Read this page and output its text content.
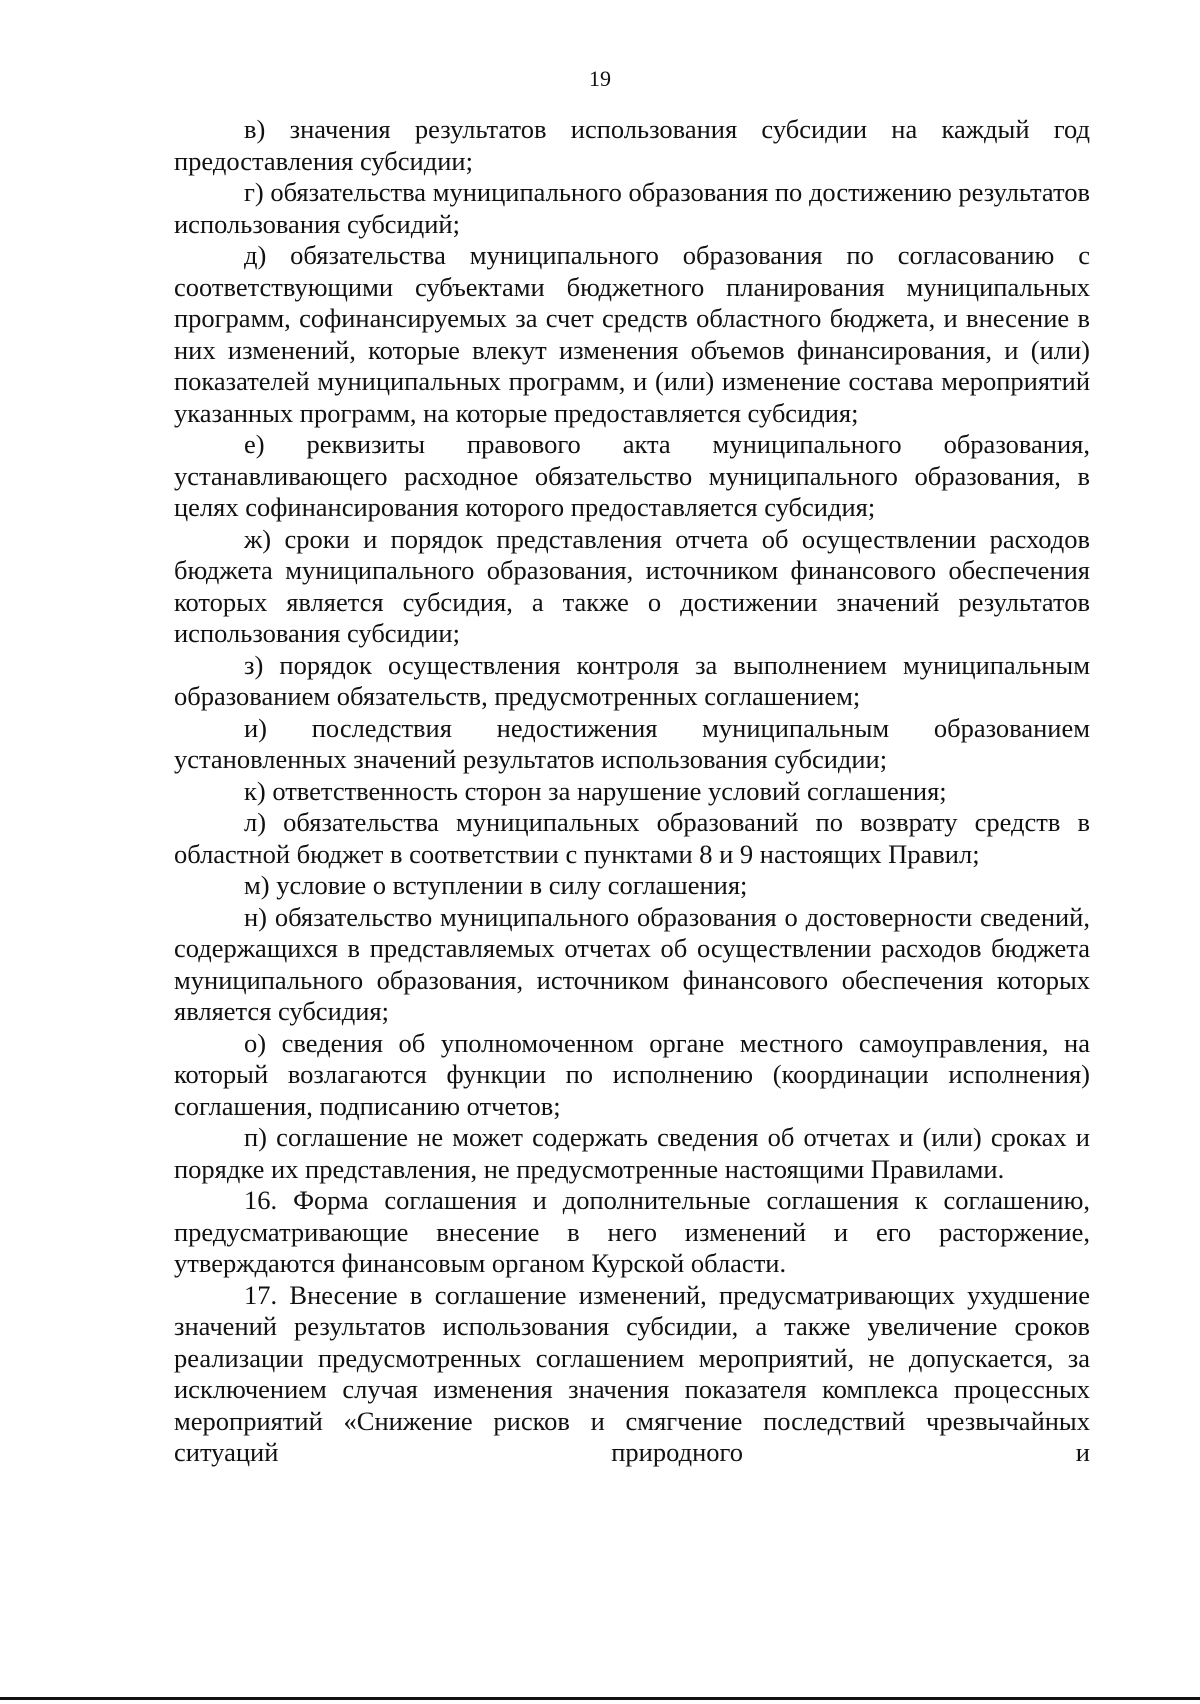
19

в) значения результатов использования субсидии на каждый год предоставления субсидии;

г) обязательства муниципального образования по достижению результатов использования субсидий;

д) обязательства муниципального образования по согласованию с соответствующими субъектами бюджетного планирования муниципальных программ, софинансируемых за счет средств областного бюджета, и внесение в них изменений, которые влекут изменения объемов финансирования, и (или) показателей муниципальных программ, и (или) изменение состава мероприятий указанных программ, на которые предоставляется субсидия;

е) реквизиты правового акта муниципального образования, устанавливающего расходное обязательство муниципального образования, в целях софинансирования которого предоставляется субсидия;

ж) сроки и порядок представления отчета об осуществлении расходов бюджета муниципального образования, источником финансового обеспечения которых является субсидия, а также о достижении значений результатов использования субсидии;

з) порядок осуществления контроля за выполнением муниципальным образованием обязательств, предусмотренных соглашением;

и) последствия недостижения муниципальным образованием установленных значений результатов использования субсидии;

к) ответственность сторон за нарушение условий соглашения;

л) обязательства муниципальных образований по возврату средств в областной бюджет в соответствии с пунктами 8 и 9 настоящих Правил;

м) условие о вступлении в силу соглашения;

н) обязательство муниципального образования о достоверности сведений, содержащихся в представляемых отчетах об осуществлении расходов бюджета муниципального образования, источником финансового обеспечения которых является субсидия;

о) сведения об уполномоченном органе местного самоуправления, на который возлагаются функции по исполнению (координации исполнения) соглашения, подписанию отчетов;

п) соглашение не может содержать сведения об отчетах и (или) сроках и порядке их представления, не предусмотренные настоящими Правилами.

16. Форма соглашения и дополнительные соглашения к соглашению, предусматривающие внесение в него изменений и его расторжение, утверждаются финансовым органом Курской области.

17. Внесение в соглашение изменений, предусматривающих ухудшение значений результатов использования субсидии, а также увеличение сроков реализации предусмотренных соглашением мероприятий, не допускается, за исключением случая изменения значения показателя комплекса процессных мероприятий «Снижение рисков и смягчение последствий чрезвычайных ситуаций природного и
